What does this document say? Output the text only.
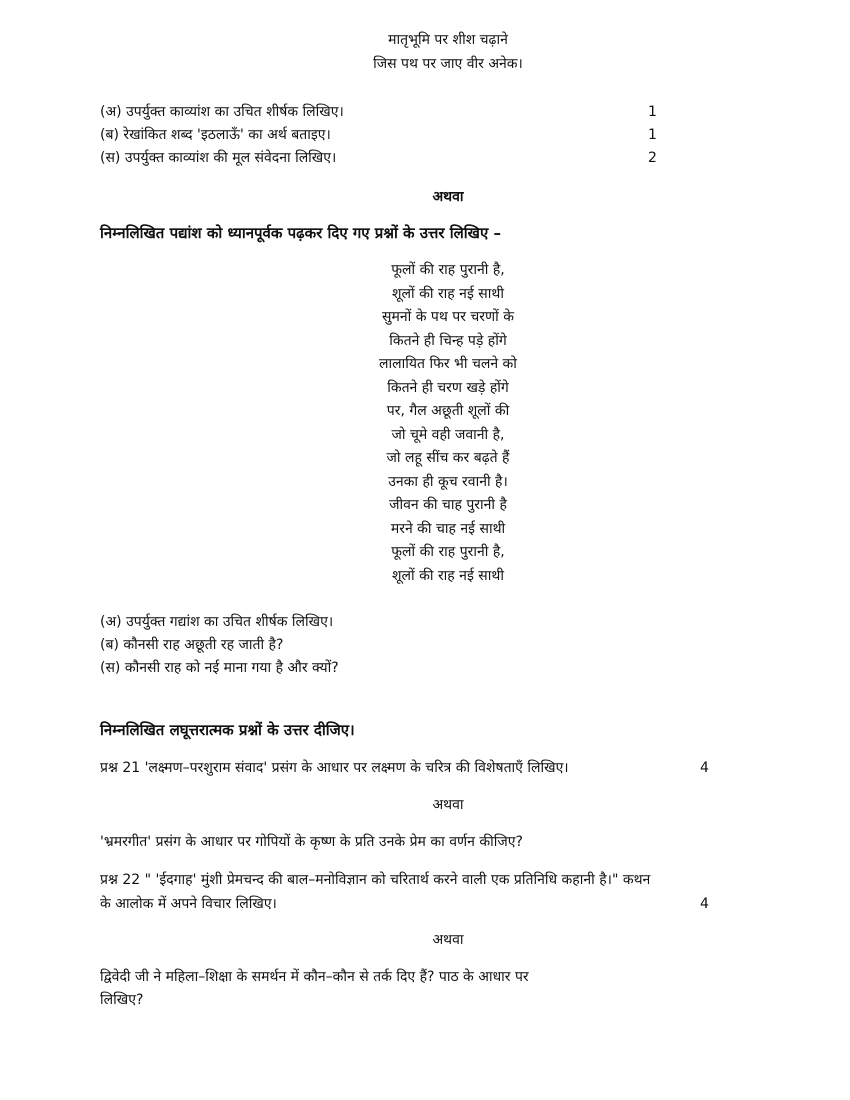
मातृभूमि पर शीश चढ़ाने
जिस पथ पर जाए वीर अनेक।
(अ) उपर्युक्त काव्यांश का उचित शीर्षक लिखिए।	1
(ब) रेखांकित शब्द 'इठलाऊँ' का अर्थ बताइए।	1
(स) उपर्युक्त काव्यांश की मूल संवेदना लिखिए।	2
अथवा
निम्नलिखित पद्यांश को ध्यानपूर्वक पढ़कर दिए गए प्रश्नों के उत्तर लिखिए –
फूलों की राह पुरानी है,
शूलों की राह नई साथी
सुमनों के पथ पर चरणों के
कितने ही चिन्ह पड़े होंगे
लालायित फिर भी चलने को
कितने ही चरण खड़े होंगे
पर, गैल अछूती शूलों की
जो चूमे वही जवानी है,
जो लहू सींच कर बढ़ते हैं
उनका ही कूच रवानी है।
जीवन की चाह पुरानी है
मरने की चाह नई साथी
फूलों की राह पुरानी है,
शूलों की राह नई साथी
(अ) उपर्युक्त गद्यांश का उचित शीर्षक लिखिए।
(ब) कौनसी राह अछूती रह जाती है?
(स) कौनसी राह को नई माना गया है और क्यों?
निम्नलिखित लघूत्तरात्मक प्रश्नों के उत्तर दीजिए।
प्रश्न 21 'लक्ष्मण–परशुराम संवाद' प्रसंग के आधार पर लक्ष्मण के चरित्र की विशेषताएँ लिखिए।	4
अथवा
'भ्रमरगीत' प्रसंग के आधार पर गोपियों के कृष्ण के प्रति उनके प्रेम का वर्णन कीजिए?
प्रश्न 22 " 'ईदगाह' मुंशी प्रेमचन्द की बाल–मनोविज्ञान को चरितार्थ करने वाली एक प्रतिनिधि कहानी है।" कथन
के आलोक में अपने विचार लिखिए।	4
अथवा
द्विवेदी जी ने महिला–शिक्षा के समर्थन में कौन–कौन से तर्क दिए हैं? पाठ के आधार पर
लिखिए?
